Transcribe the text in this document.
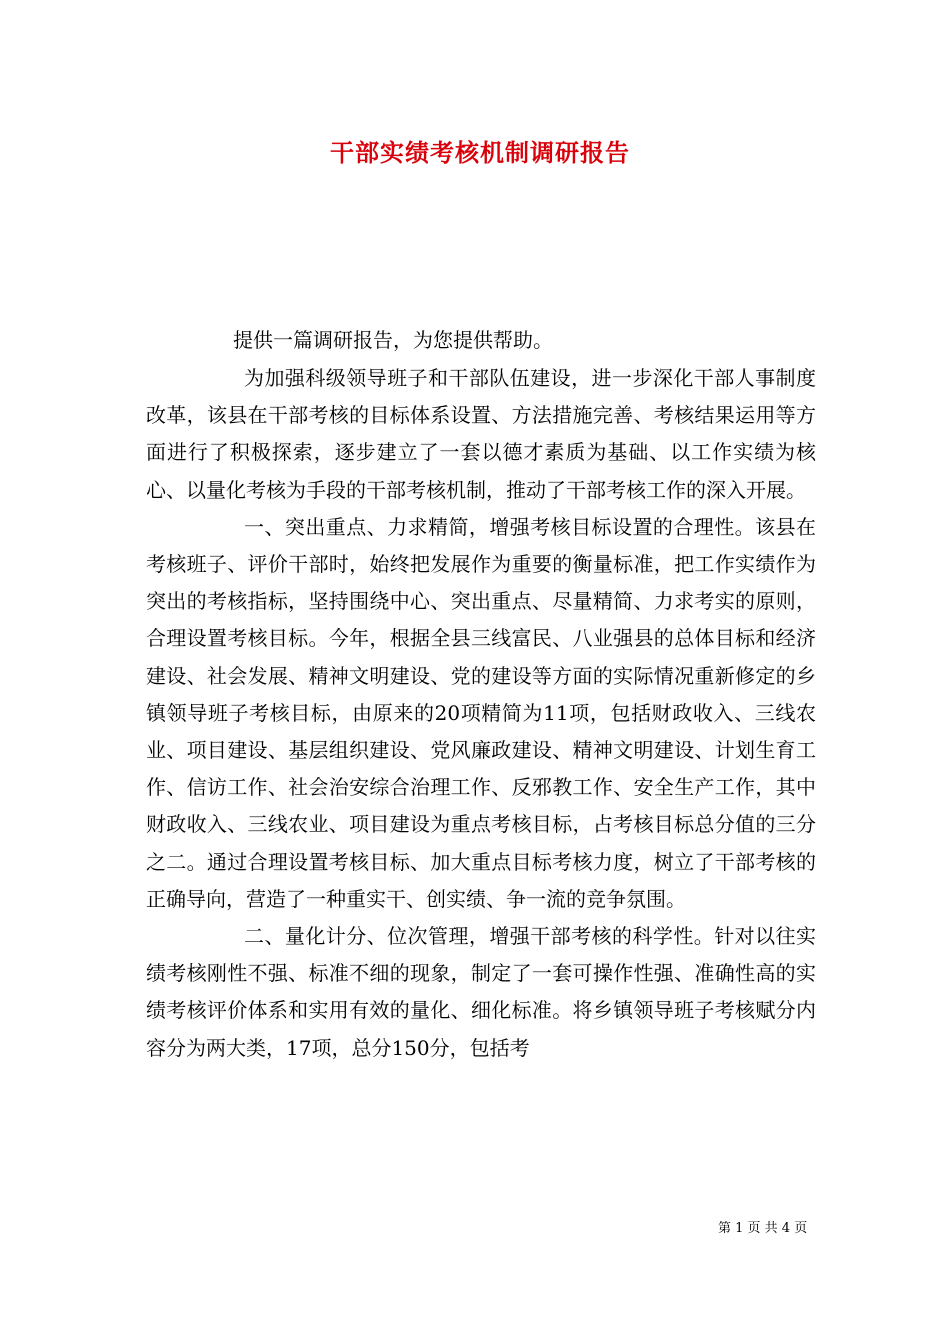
干部实绩考核机制调研报告
提供一篇调研报告，为您提供帮助。

为加强科级领导班子和干部队伍建设，进一步深化干部人事制度改革，该县在干部考核的目标体系设置、方法措施完善、考核结果运用等方面进行了积极探索，逐步建立了一套以德才素质为基础、以工作实绩为核心、以量化考核为手段的干部考核机制，推动了干部考核工作的深入开展。

一、突出重点、力求精简，增强考核目标设置的合理性。该县在考核班子、评价干部时，始终把发展作为重要的衡量标准，把工作实绩作为突出的考核指标，坚持围绕中心、突出重点、尽量精简、力求考实的原则，合理设置考核目标。今年，根据全县三线富民、八业强县的总体目标和经济建设、社会发展、精神文明建设、党的建设等方面的实际情况重新修定的乡镇领导班子考核目标，由原来的20项精简为11项，包括财政收入、三线农业、项目建设、基层组织建设、党风廉政建设、精神文明建设、计划生育工作、信访工作、社会治安综合治理工作、反邪教工作、安全生产工作，其中财政收入、三线农业、项目建设为重点考核目标，占考核目标总分值的三分之二。通过合理设置考核目标、加大重点目标考核力度，树立了干部考核的正确导向，营造了一种重实干、创实绩、争一流的竞争氛围。

二、量化计分、位次管理，增强干部考核的科学性。针对以往实绩考核刚性不强、标准不细的现象，制定了一套可操作性强、准确性高的实绩考核评价体系和实用有效的量化、细化标准。将乡镇领导班子考核赋分内容分为两大类，17项，总分150分，包括考

第 1 页 共 4 页
